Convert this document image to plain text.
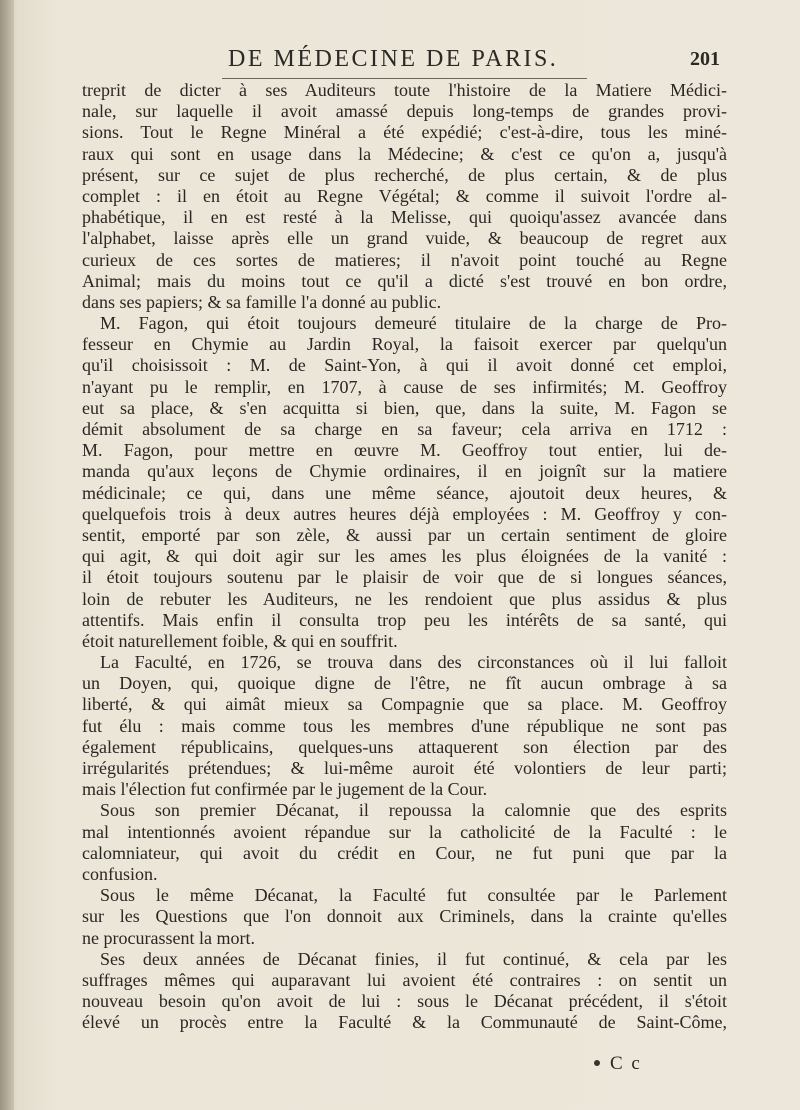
DE MÉDECINE DE PARIS.	201
treprit de dicter à ses Auditeurs toute l'histoire de la Matiere Médici-
nale, sur laquelle il avoit amassé depuis long-temps de grandes provi-
sions. Tout le Regne Minéral a été expédié; c'est-à-dire, tous les miné-
raux qui sont en usage dans la Médecine; & c'est ce qu'on a, jusqu'à
présent, sur ce sujet de plus recherché, de plus certain, & de plus
complet : il en étoit au Regne Végétal; & comme il suivoit l'ordre al-
phabétique, il en est resté à la Melisse, qui quoiqu'assez avancée dans
l'alphabet, laisse après elle un grand vuide, & beaucoup de regret aux
curieux de ces sortes de matieres; il n'avoit point touché au Regne
Animal; mais du moins tout ce qu'il a dicté s'est trouvé en bon ordre,
dans ses papiers; & sa famille l'a donné au public.
M. Fagon, qui étoit toujours demeuré titulaire de la charge de Pro-
fesseur en Chymie au Jardin Royal, la faisoit exercer par quelqu'un
qu'il choisissoit : M. de Saint-Yon, à qui il avoit donné cet emploi,
n'ayant pu le remplir, en 1707, à cause de ses infirmités; M. Geoffroy
eut sa place, & s'en acquitta si bien, que, dans la suite, M. Fagon se
démit absolument de sa charge en sa faveur; cela arriva en 1712 :
M. Fagon, pour mettre en œuvre M. Geoffroy tout entier, lui de-
manda qu'aux leçons de Chymie ordinaires, il en joignît sur la matiere
médicinale; ce qui, dans une même séance, ajoutoit deux heures, &
quelquefois trois à deux autres heures déjà employées : M. Geoffroy y con-
sentit, emporté par son zèle, & aussi par un certain sentiment de gloire
qui agit, & qui doit agir sur les ames les plus éloignées de la vanité :
il étoit toujours soutenu par le plaisir de voir que de si longues séances,
loin de rebuter les Auditeurs, ne les rendoient que plus assidus & plus
attentifs. Mais enfin il consulta trop peu les intérêts de sa santé, qui
étoit naturellement foible, & qui en souffrit.
La Faculté, en 1726, se trouva dans des circonstances où il lui falloit
un Doyen, qui, quoique digne de l'être, ne fît aucun ombrage à sa
liberté, & qui aimât mieux sa Compagnie que sa place. M. Geoffroy
fut élu : mais comme tous les membres d'une république ne sont pas
également républicains, quelques-uns attaquerent son élection par des
irrégularités prétendues; & lui-même auroit été volontiers de leur parti;
mais l'élection fut confirmée par le jugement de la Cour.
Sous son premier Décanat, il repoussa la calomnie que des esprits
mal intentionnés avoient répandue sur la catholicité de la Faculté : le
calomniateur, qui avoit du crédit en Cour, ne fut puni que par la
confusion.
Sous le même Décanat, la Faculté fut consultée par le Parlement
sur les Questions que l'on donnoit aux Criminels, dans la crainte qu'elles
ne procurassent la mort.
Ses deux années de Décanat finies, il fut continué, & cela par les
suffrages mêmes qui auparavant lui avoient été contraires : on sentit un
nouveau besoin qu'on avoit de lui : sous le Décanat précédent, il s'étoit
élevé un procès entre la Faculté & la Communauté de Saint-Côme,
C c
